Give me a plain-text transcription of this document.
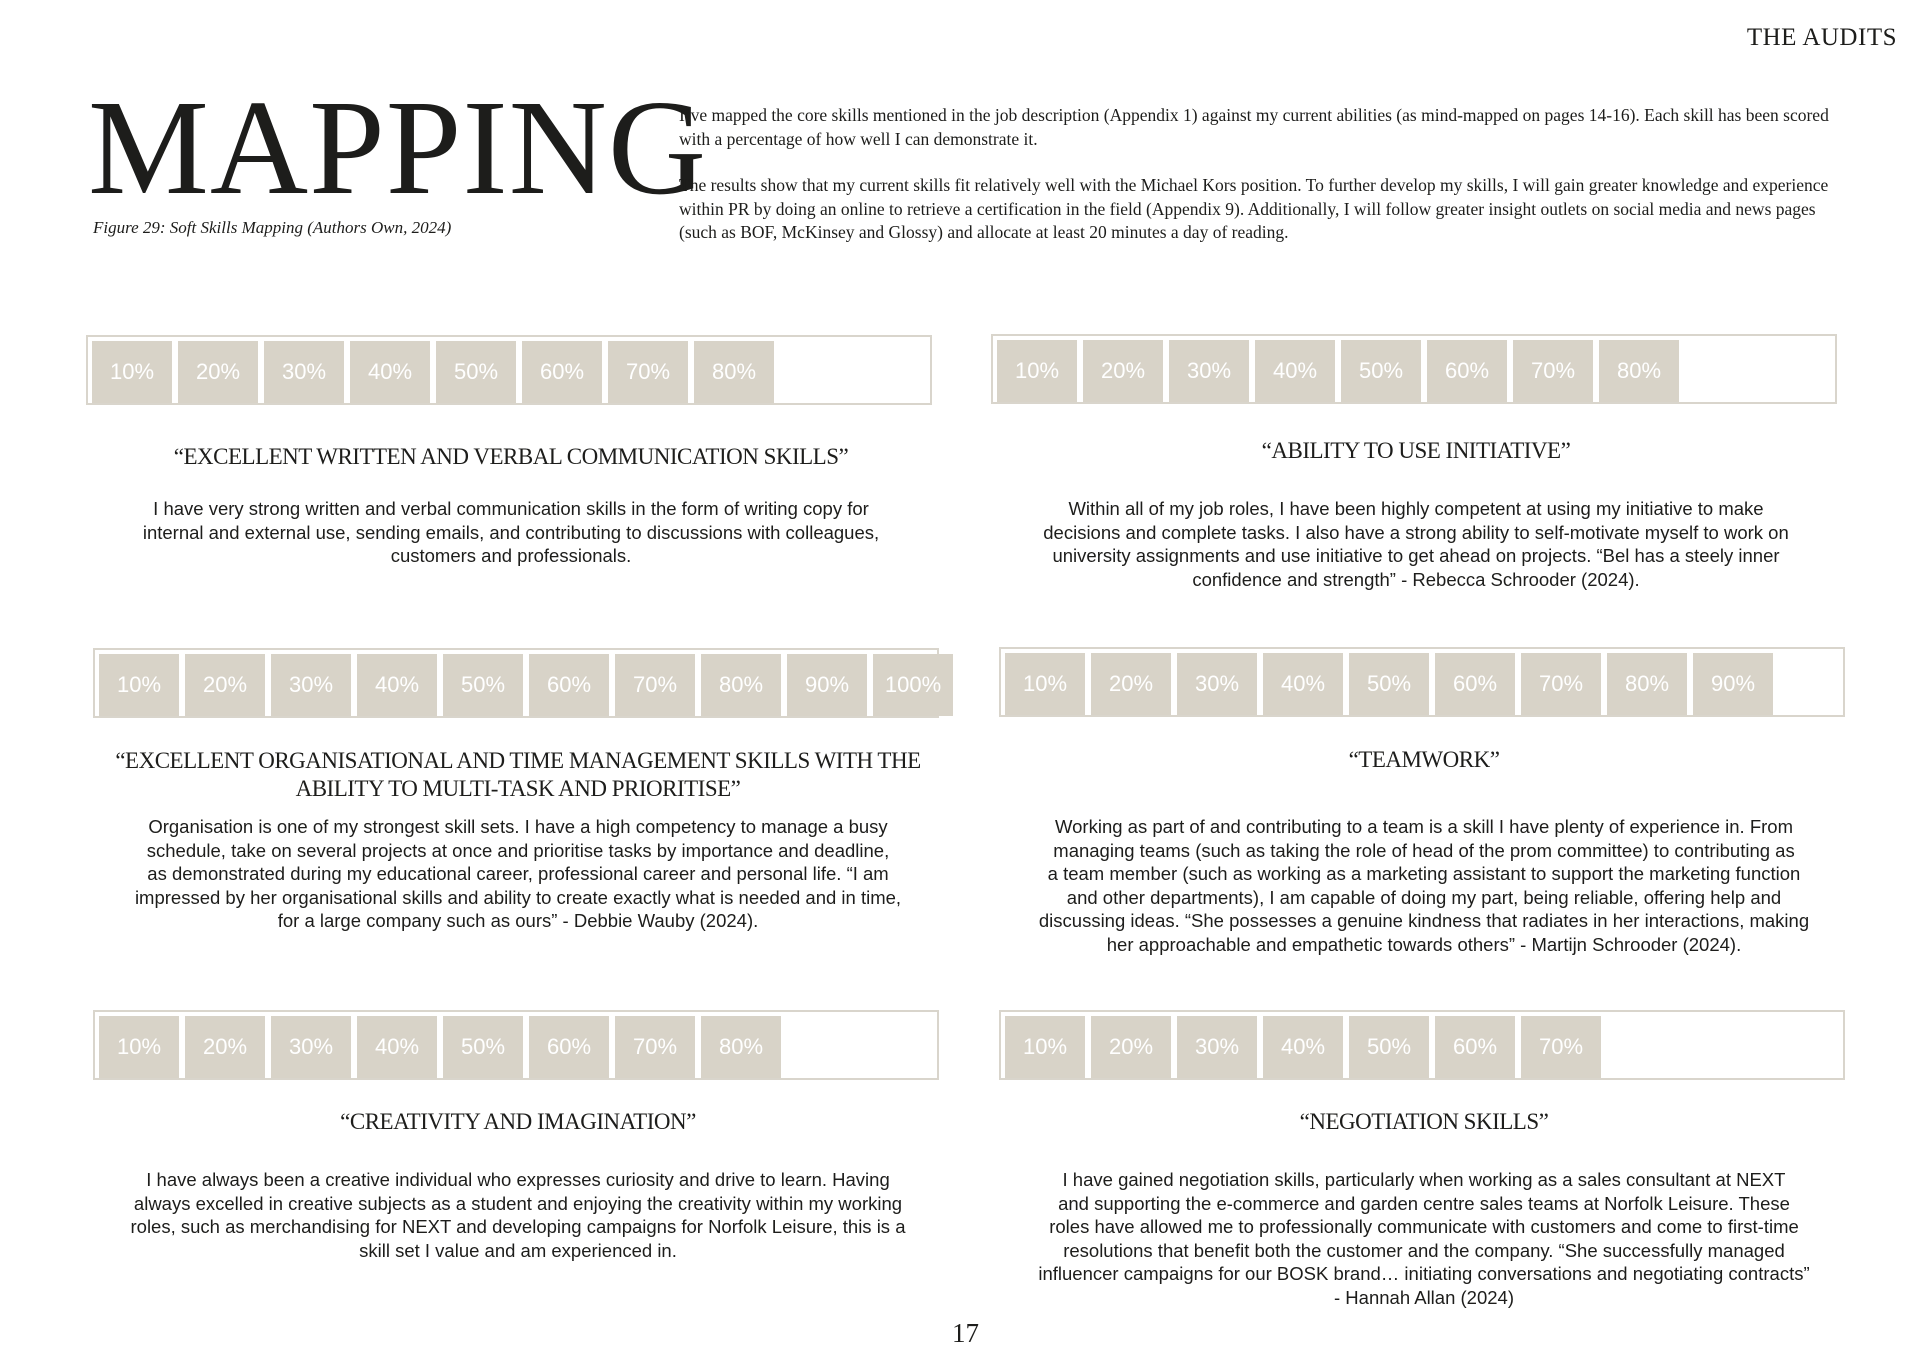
THE AUDITS
MAPPING
Figure 29: Soft Skills Mapping (Authors Own, 2024)

I’ve mapped the core skills mentioned in the job description (Appendix 1) against my current abilities (as mind-mapped on pages 14-16). Each skill has been scored with a percentage of how well I can demonstrate it.

The results show that my current skills fit relatively well with the Michael Kors position. To further develop my skills, I will gain greater knowledge and experience within PR by doing an online to retrieve a certification in the field (Appendix 9). Additionally, I will follow greater insight outlets on social media and news pages (such as BOF, McKinsey and Glossy) and allocate at least 20 minutes a day of reading.

10%	20%	30%	40%	50%	60%	70%	80%
“EXCELLENT WRITTEN AND VERBAL COMMUNICATION SKILLS”
I have very strong written and verbal communication skills in the form of writing copy for
internal and external use, sending emails, and contributing to discussions with colleagues,
customers and professionals.
10%	20%	30%	40%	50%	60%	70%	80%
“ABILITY TO USE INITIATIVE”
Within all of my job roles, I have been highly competent at using my initiative to make
decisions and complete tasks. I also have a strong ability to self-motivate myself to work on
university assignments and use initiative to get ahead on projects. “Bel has a steely inner
confidence and strength” - Rebecca Schrooder (2024).
10%	20%	30%	40%	50%	60%	70%	80%	90%	100%
“EXCELLENT ORGANISATIONAL AND TIME MANAGEMENT SKILLS WITH THE
ABILITY TO MULTI-TASK AND PRIORITISE”
Organisation is one of my strongest skill sets. I have a high competency to manage a busy
schedule, take on several projects at once and prioritise tasks by importance and deadline,
as demonstrated during my educational career, professional career and personal life. “I am
impressed by her organisational skills and ability to create exactly what is needed and in time,
for a large company such as ours” - Debbie Wauby (2024).
10%	20%	30%	40%	50%	60%	70%	80%	90%
“TEAMWORK”
Working as part of and contributing to a team is a skill I have plenty of experience in. From
managing teams (such as taking the role of head of the prom committee) to contributing as
a team member (such as working as a marketing assistant to support the marketing function
and other departments), I am capable of doing my part, being reliable, offering help and
discussing ideas. “She possesses a genuine kindness that radiates in her interactions, making
her approachable and empathetic towards others” - Martijn Schrooder (2024).
10%	20%	30%	40%	50%	60%	70%	80%
“CREATIVITY AND IMAGINATION”
I have always been a creative individual who expresses curiosity and drive to learn. Having
always excelled in creative subjects as a student and enjoying the creativity within my working
roles, such as merchandising for NEXT and developing campaigns for Norfolk Leisure, this is a
skill set I value and am experienced in.
10%	20%	30%	40%	50%	60%	70%
“NEGOTIATION SKILLS”
I have gained negotiation skills, particularly when working as a sales consultant at NEXT
and supporting the e-commerce and garden centre sales teams at Norfolk Leisure. These
roles have allowed me to professionally communicate with customers and come to first-time
resolutions that benefit both the customer and the company. “She successfully managed
influencer campaigns for our BOSK brand… initiating conversations and negotiating contracts”
- Hannah Allan (2024)
17
